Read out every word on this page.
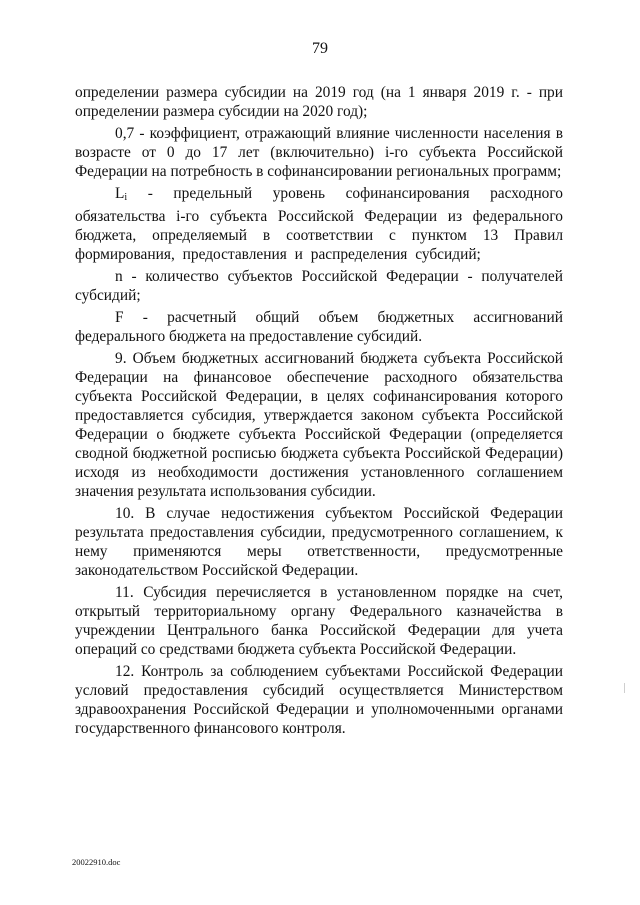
79

определении размера субсидии на 2019 год (на 1 января 2019 г. - при определении размера субсидии на 2020 год);

0,7 - коэффициент, отражающий влияние численности населения в возрасте от 0 до 17 лет (включительно) i-го субъекта Российской Федерации на потребность в софинансировании региональных программ;

$L_i$ - предельный уровень софинансирования расходного обязательства i-го субъекта Российской Федерации из федерального бюджета, определяемый в соответствии с пунктом 13 Правил формирования, предоставления и распределения субсидий;

n - количество субъектов Российской Федерации - получателей субсидий;

F - расчетный общий объем бюджетных ассигнований федерального бюджета на предоставление субсидий.

9. Объем бюджетных ассигнований бюджета субъекта Российской Федерации на финансовое обеспечение расходного обязательства субъекта Российской Федерации, в целях софинансирования которого предоставляется субсидия, утверждается законом субъекта Российской Федерации о бюджете субъекта Российской Федерации (определяется сводной бюджетной росписью бюджета субъекта Российской Федерации) исходя из необходимости достижения установленного соглашением значения результата использования субсидии.

10. В случае недостижения субъектом Российской Федерации результата предоставления субсидии, предусмотренного соглашением, к нему применяются меры ответственности, предусмотренные законодательством Российской Федерации.

11. Субсидия перечисляется в установленном порядке на счет, открытый территориальному органу Федерального казначейства в учреждении Центрального банка Российской Федерации для учета операций со средствами бюджета субъекта Российской Федерации.

12. Контроль за соблюдением субъектами Российской Федерации условий предоставления субсидий осуществляется Министерством здравоохранения Российской Федерации и уполномоченными органами государственного финансового контроля.

20022910.doc
